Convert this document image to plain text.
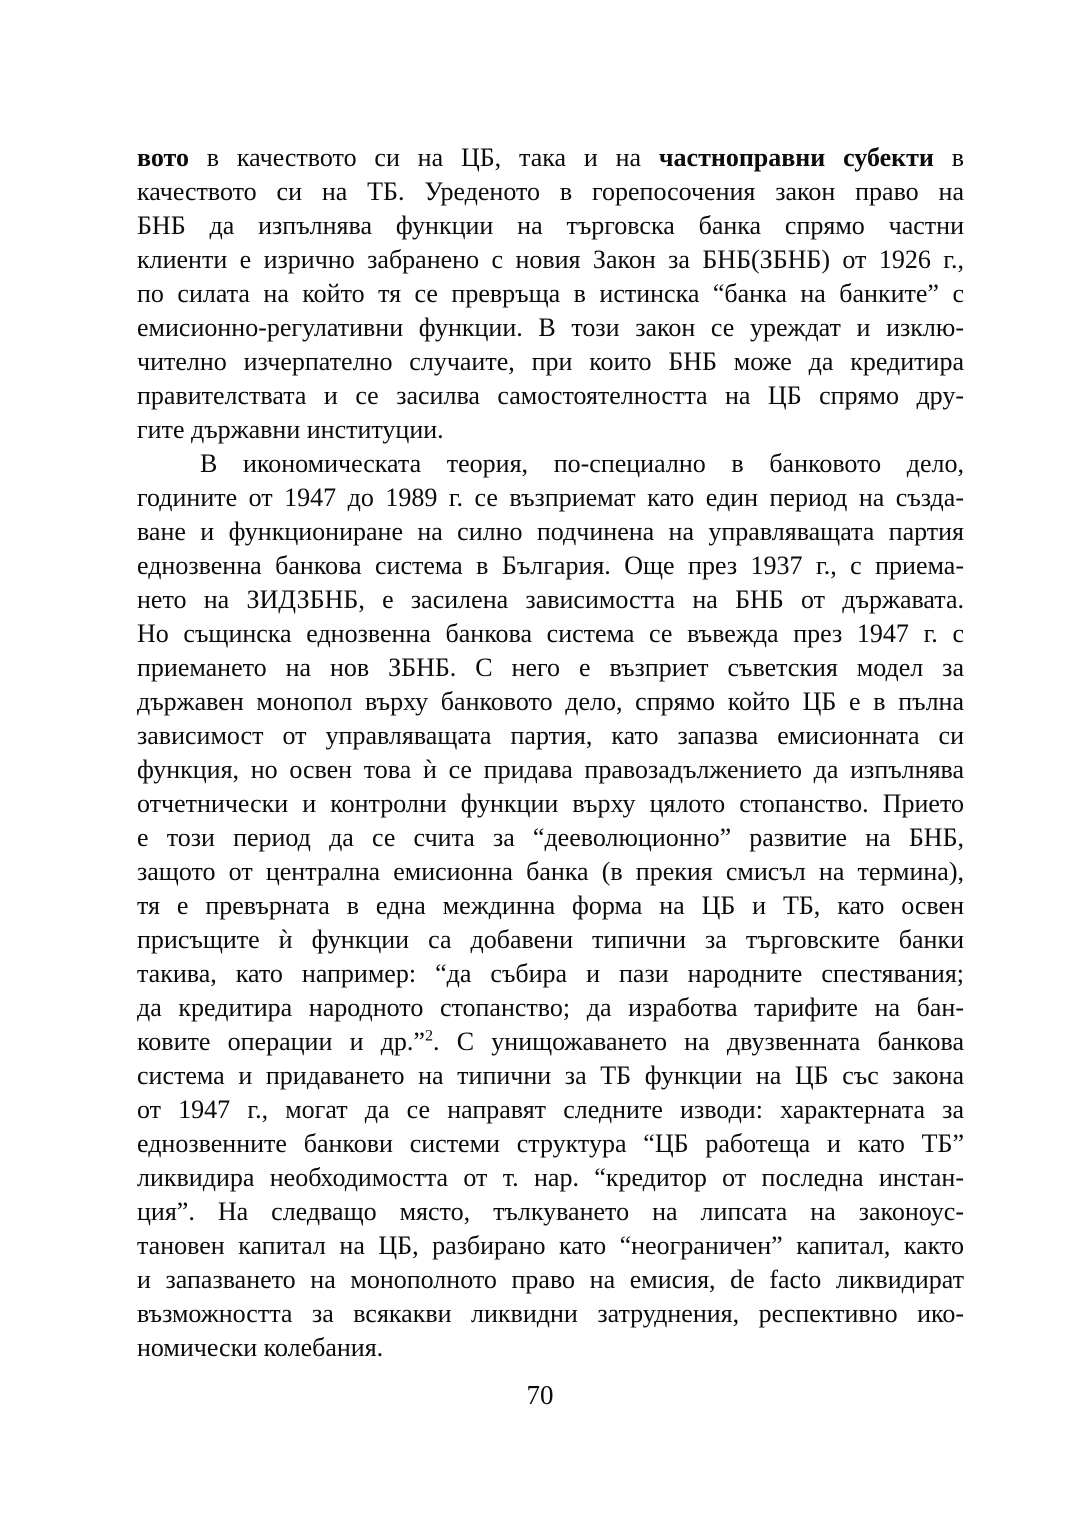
вото в качеството си на ЦБ, така и на частноправни субекти в
качеството си на ТБ. Уреденото в горепосочения закон право на
БНБ да изпълнява функции на търговска банка спрямо частни
клиенти е изрично забранено с новия Закон за БНБ(ЗБНБ) от 1926 г.,
по силата на който тя се превръща в истинска “банка на банките” с
емисионно-регулативни функции. В този закон се уреждат и изклю-
чително изчерпателно случаите, при които БНБ може да кредитира
правителствата и се засилва самостоятелността на ЦБ спрямо дру-
гите държавни институции.
В икономическата теория, по-специално в банковото дело,
годините от 1947 до 1989 г. се възприемат като един период на създа-
ване и функциониране на силно подчинена на управляващата партия
еднозвенна банкова система в България. Още през 1937 г., с приема-
нето на ЗИДЗБНБ, е засилена зависимостта на БНБ от държавата.
Но същинска еднозвенна банкова система се въвежда през 1947 г. с
приемането на нов ЗБНБ. С него е възприет съветския модел за
държавен монопол върху банковото дело, спрямо който ЦБ е в пълна
зависимост от управляващата партия, като запазва емисионната си
функция, но освен това ѝ се придава правозадължението да изпълнява
отчетнически и контролни функции върху цялото стопанство. Прието
е този период да се счита за “дееволюционно” развитие на БНБ,
защото от централна емисионна банка (в прекия смисъл на термина),
тя е превърната в една междинна форма на ЦБ и ТБ, като освен
присъщите ѝ функции са добавени типични за търговските банки
такива, като например: “да събира и пази народните спестявания;
да кредитира народното стопанство; да изработва тарифите на бан-
ковите операции и др.”$^2$. С унищожаването на двузвенната банкова
система и придаването на типични за ТБ функции на ЦБ със закона
от 1947 г., могат да се направят следните изводи: характерната за
еднозвенните банкови системи структура “ЦБ работеща и като ТБ”
ликвидира необходимостта от т. нар. “кредитор от последна инстан-
ция”. На следващо място, тълкуването на липсата на законоус-
тановен капитал на ЦБ, разбирано като “неограничен” капитал, както
и запазването на монополното право на емисия, de facto ликвидират
възможността за всякакви ликвидни затруднения, респективно ико-
номически колебания.
70
